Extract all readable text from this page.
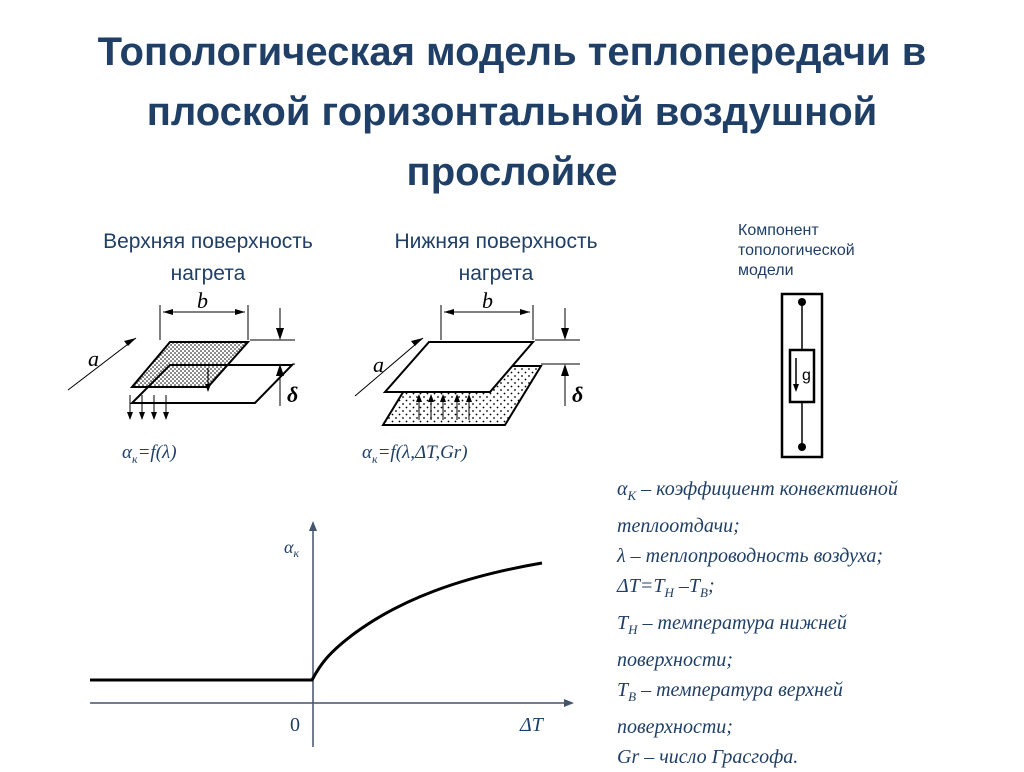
Топологическая модель теплопередачи в
плоской горизонтальной воздушной
прослойке
Верхняя поверхность
нагрета
Нижняя поверхность
нагрета
Компонент
топологической
модели
b
a
δ
b
a
δ
$\alpha_к=f(\lambda)$	$\alpha_к=f(\lambda,\Delta T,Gr)$
g
$\alpha_к$
0	ΔT
$\alpha_К$ – коэффициент конвективной
теплоотдачи;
λ – теплопроводность воздуха;
$\Delta T=T_Н$ $-T_В$;
$T_Н$ – температура нижней
поверхности;
$T_В$ – температура верхней
поверхности;
Gr – число Грасгофа.
